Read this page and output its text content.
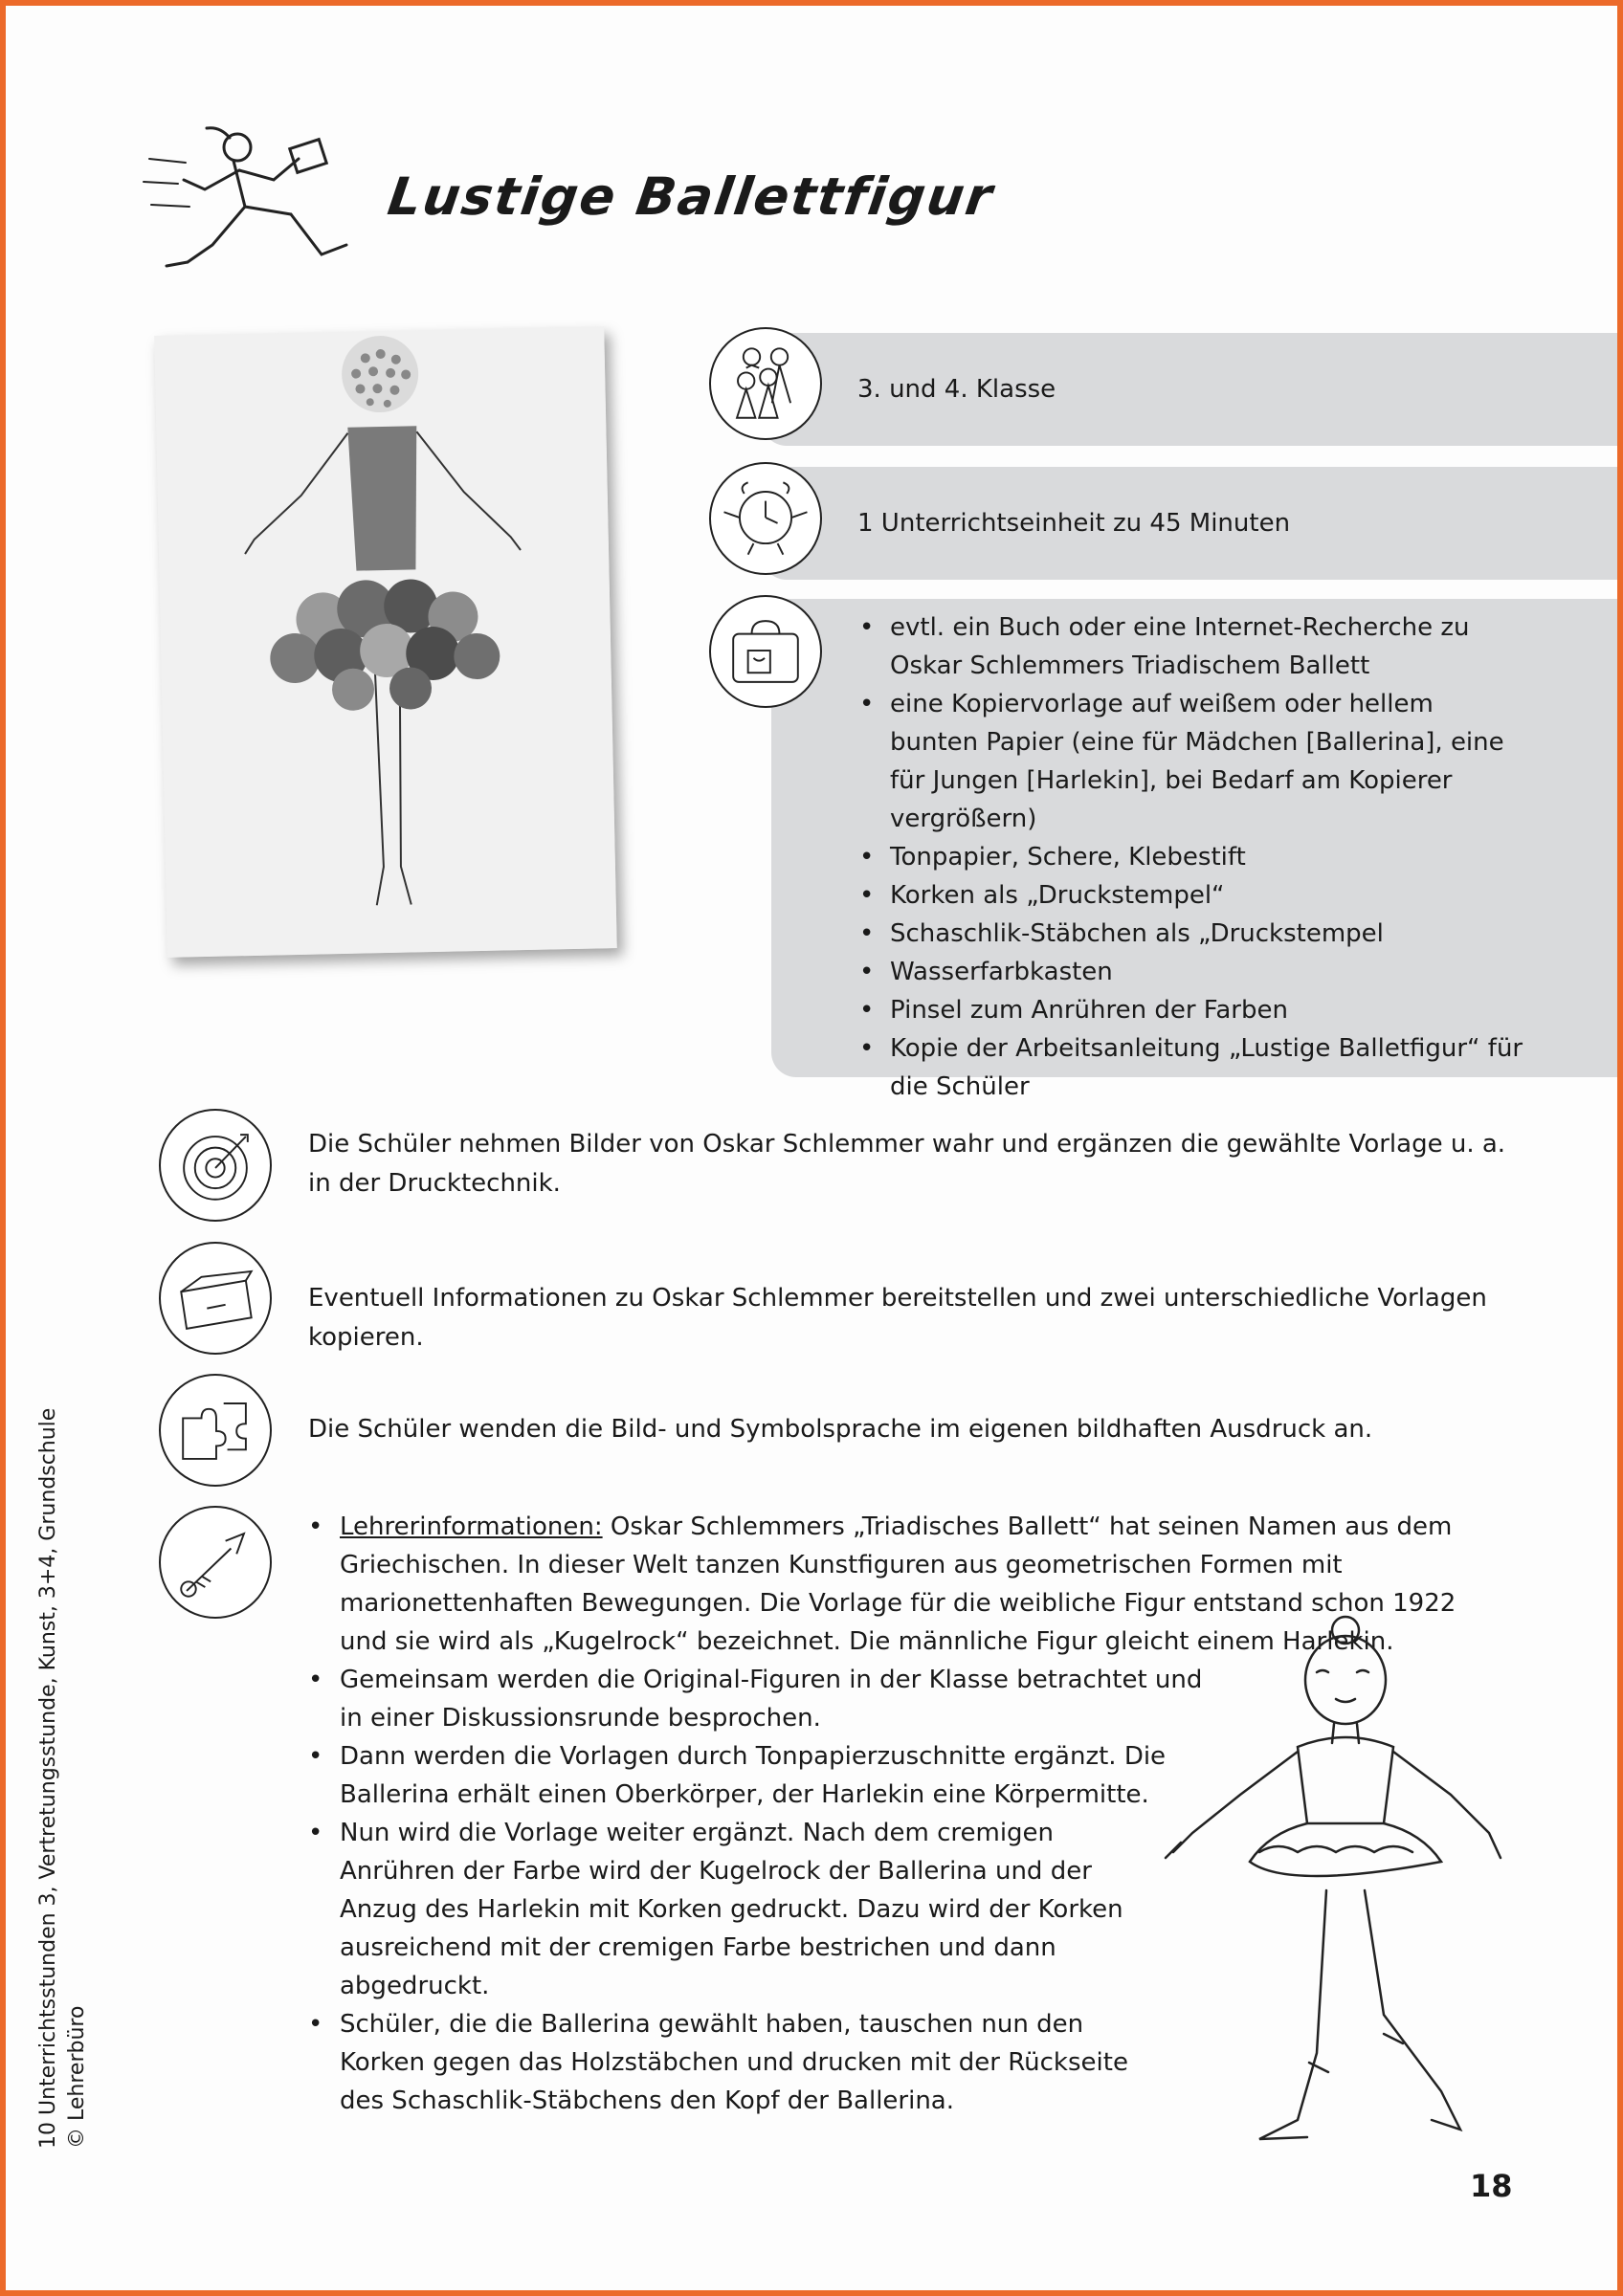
Lustige Ballettfigur
3. und 4. Klasse
1 Unterrichtseinheit zu 45 Minuten
• evtl. ein Buch oder eine Internet-Recherche zu Oskar Schlemmers Triadischem Ballett
• eine Kopiervorlage auf weißem oder hellem bunten Papier (eine für Mädchen [Ballerina], eine für Jungen [Harlekin], bei Bedarf am Kopierer vergrößern)
• Tonpapier, Schere, Klebestift
• Korken als „Druckstempel“
• Schaschlik-Stäbchen als „Druckstempel
• Wasserfarbkasten
• Pinsel zum Anrühren der Farben
• Kopie der Arbeitsanleitung „Lustige Balletfigur“ für die Schüler
Die Schüler nehmen Bilder von Oskar Schlemmer wahr und ergänzen die gewählte Vorlage u. a. in der Drucktechnik.
Eventuell Informationen zu Oskar Schlemmer bereitstellen und zwei unterschiedliche Vorlagen kopieren.
Die Schüler wenden die Bild- und Symbolsprache im eigenen bildhaften Ausdruck an.
• Lehrerinformationen: Oskar Schlemmers „Triadisches Ballett“ hat seinen Namen aus dem Griechischen. In dieser Welt tanzen Kunstfiguren aus geometrischen Formen mit marionettenhaften Bewegungen. Die Vorlage für die weibliche Figur entstand schon 1922 und sie wird als „Kugelrock“ bezeichnet. Die männliche Figur gleicht einem Harlekin.
• Gemeinsam werden die Original-Figuren in der Klasse betrachtet und in einer Diskussionsrunde besprochen.
• Dann werden die Vorlagen durch Tonpapierzuschnitte ergänzt. Die Ballerina erhält einen Oberkörper, der Harlekin eine Körpermitte.
• Nun wird die Vorlage weiter ergänzt. Nach dem cremigen Anrühren der Farbe wird der Kugelrock der Ballerina und der Anzug des Harlekin mit Korken gedruckt. Dazu wird der Korken ausreichend mit der cremigen Farbe bestrichen und dann abgedruckt.
• Schüler, die die Ballerina gewählt haben, tauschen nun den Korken gegen das Holzstäbchen und drucken mit der Rückseite des Schaschlik-Stäbchens den Kopf der Ballerina.
10 Unterrichtsstunden 3, Vertretungsstunde, Kunst, 3+4, Grundschule © Lehrerbüro
18
